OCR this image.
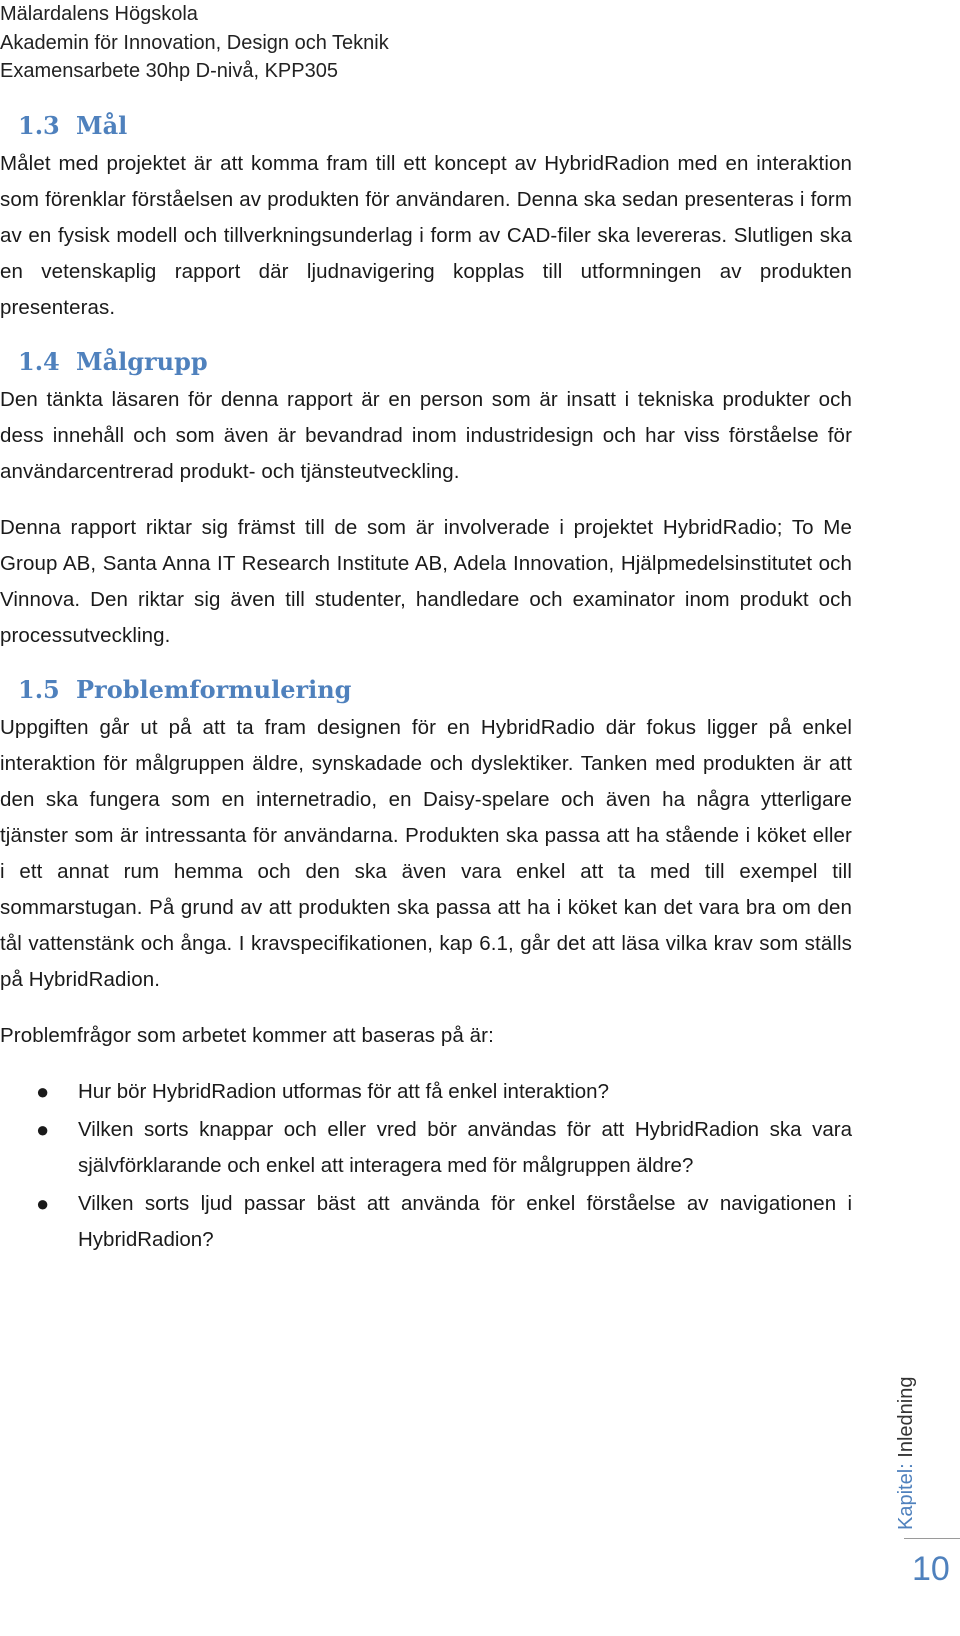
Mälardalens Högskola
Akademin för Innovation, Design och Teknik
Examensarbete 30hp D-nivå, KPP305
1.3 Mål

Målet med projektet är att komma fram till ett koncept av HybridRadion med en interaktion som förenklar förståelsen av produkten för användaren. Denna ska sedan presenteras i form av en fysisk modell och tillverkningsunderlag i form av CAD-filer ska levereras. Slutligen ska en vetenskaplig rapport där ljudnavigering kopplas till utformningen av produkten presenteras.

1.4 Målgrupp

Den tänkta läsaren för denna rapport är en person som är insatt i tekniska produkter och dess innehåll och som även är bevandrad inom industridesign och har viss förståelse för användarcentrerad produkt- och tjänsteutveckling.

Denna rapport riktar sig främst till de som är involverade i projektet HybridRadio; To Me Group AB, Santa Anna IT Research Institute AB, Adela Innovation, Hjälpmedelsinstitutet och Vinnova. Den riktar sig även till studenter, handledare och examinator inom produkt och processutveckling.

1.5 Problemformulering

Uppgiften går ut på att ta fram designen för en HybridRadio där fokus ligger på enkel interaktion för målgruppen äldre, synskadade och dyslektiker. Tanken med produkten är att den ska fungera som en internetradio, en Daisy-spelare och även ha några ytterligare tjänster som är intressanta för användarna. Produkten ska passa att ha stående i köket eller i ett annat rum hemma och den ska även vara enkel att ta med till exempel till sommarstugan. På grund av att produkten ska passa att ha i köket kan det vara bra om den tål vattenstänk och ånga. I kravspecifikationen, kap 6.1, går det att läsa vilka krav som ställs på HybridRadion.

Problemfrågor som arbetet kommer att baseras på är:

● Hur bör HybridRadion utformas för att få enkel interaktion?
● Vilken sorts knappar och eller vred bör användas för att HybridRadion ska vara självförklarande och enkel att interagera med för målgruppen äldre?
● Vilken sorts ljud passar bäst att använda för enkel förståelse av navigationen i HybridRadion?
Kapitel: Inledning
10
